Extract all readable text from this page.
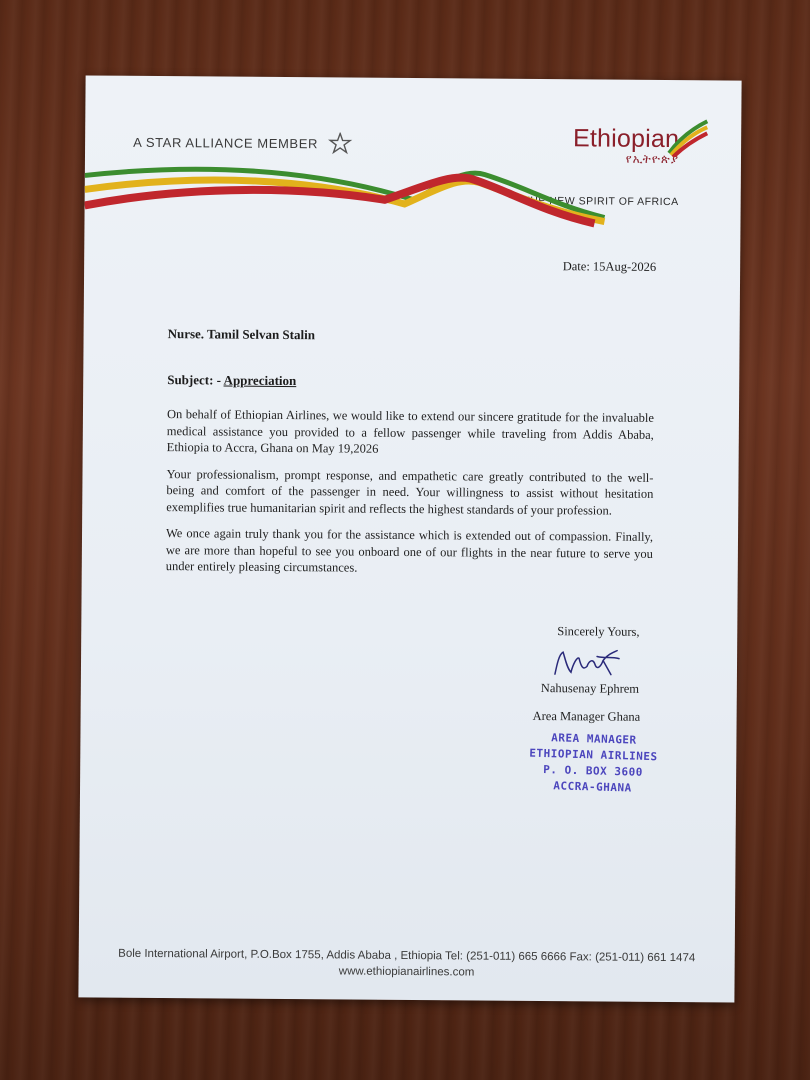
A STAR ALLIANCE MEMBER	Ethiopian
የኢትዮጵያ
THE NEW SPIRIT OF AFRICA
Date: 15Aug-2026
Nurse. Tamil Selvan Stalin
Subject: - Appreciation

On behalf of Ethiopian Airlines, we would like to extend our sincere gratitude for the invaluable medical assistance you provided to a fellow passenger while traveling from Addis Ababa, Ethiopia to Accra, Ghana on May 19,2026

Your professionalism, prompt response, and empathetic care greatly contributed to the well-being and comfort of the passenger in need. Your willingness to assist without hesitation exemplifies true humanitarian spirit and reflects the highest standards of your profession.

We once again truly thank you for the assistance which is extended out of compassion. Finally, we are more than hopeful to see you onboard one of our flights in the near future to serve you under entirely pleasing circumstances.

Sincerely Yours,
Nahusenay Ephrem
Area Manager Ghana
AREA MANAGER
ETHIOPIAN AIRLINES
P. O. BOX 3600
ACCRA-GHANA
Bole International Airport, P.O.Box 1755, Addis Ababa , Ethiopia Tel: (251-011) 665 6666 Fax: (251-011) 661 1474
www.ethiopianairlines.com
